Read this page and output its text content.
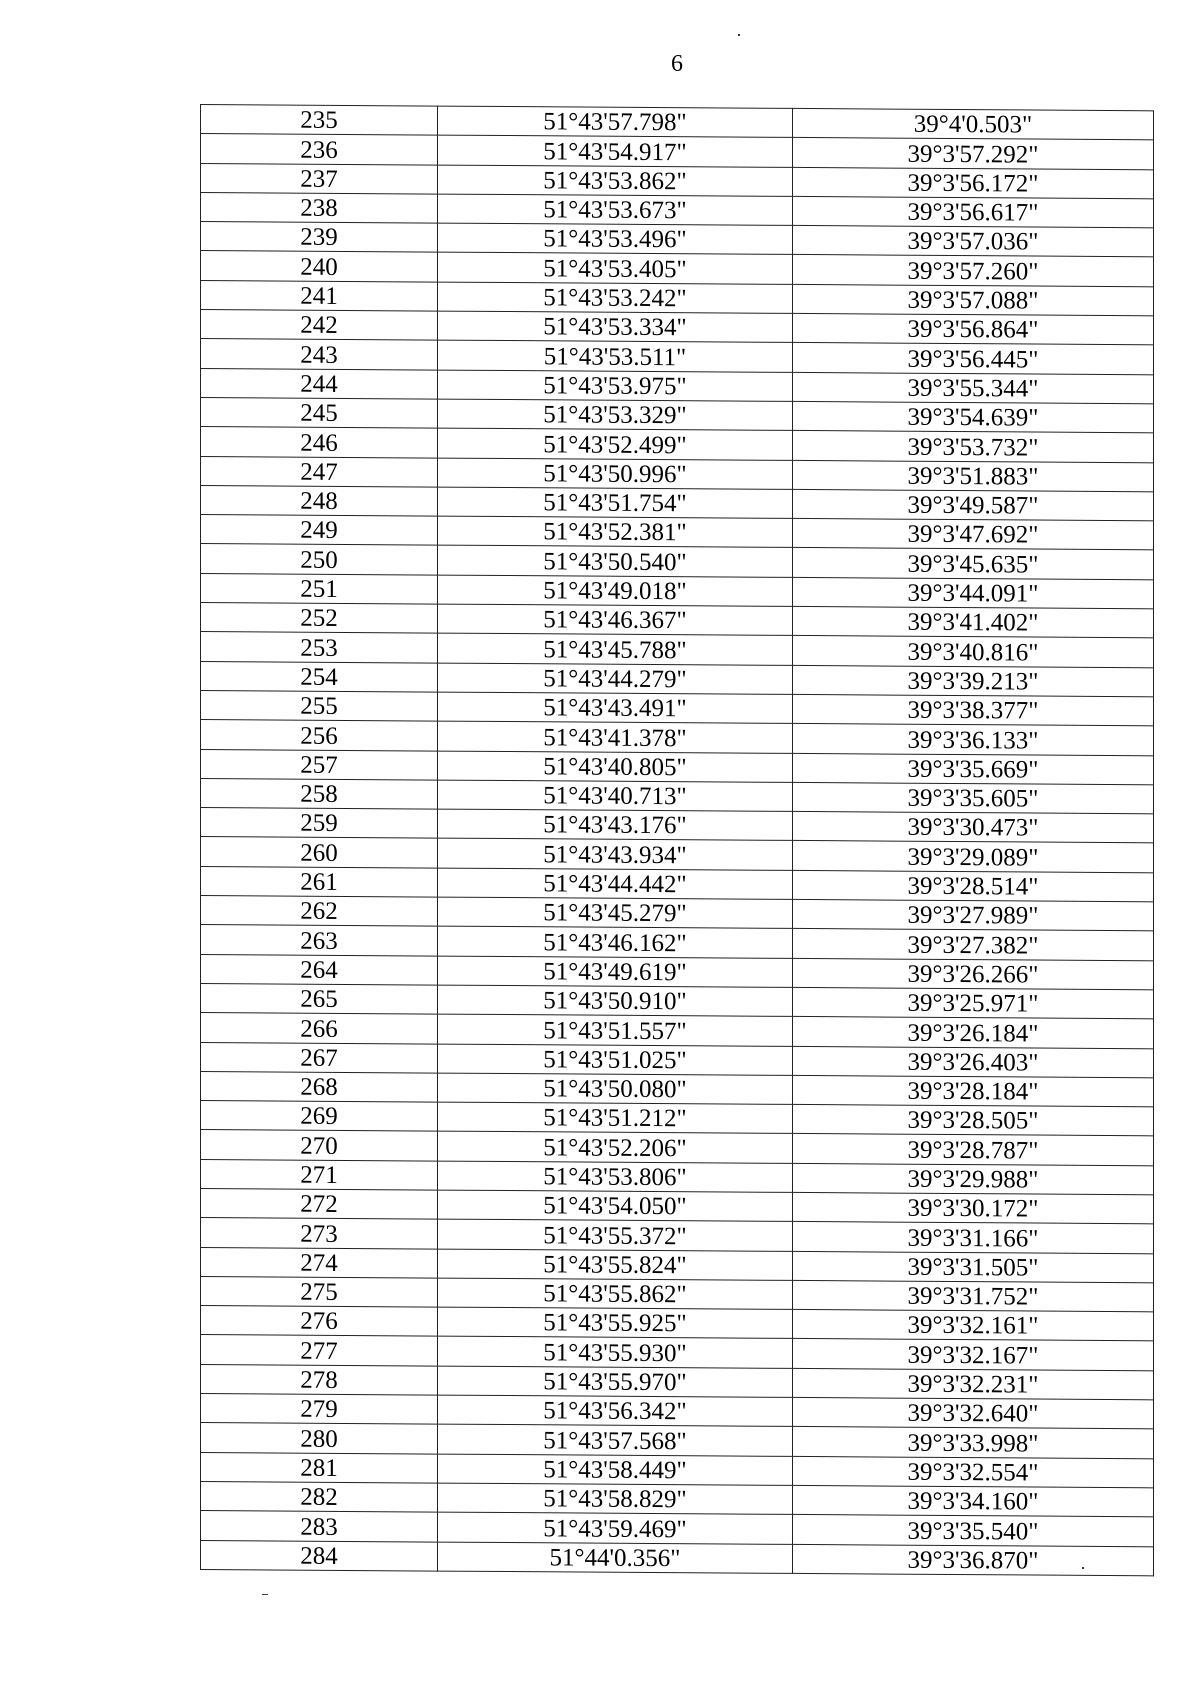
6
235	51°43'57.798"	39°4'0.503"
236	51°43'54.917"	39°3'57.292"
237	51°43'53.862"	39°3'56.172"
238	51°43'53.673"	39°3'56.617"
239	51°43'53.496"	39°3'57.036"
240	51°43'53.405"	39°3'57.260"
241	51°43'53.242"	39°3'57.088"
242	51°43'53.334"	39°3'56.864"
243	51°43'53.511"	39°3'56.445"
244	51°43'53.975"	39°3'55.344"
245	51°43'53.329"	39°3'54.639"
246	51°43'52.499"	39°3'53.732"
247	51°43'50.996"	39°3'51.883"
248	51°43'51.754"	39°3'49.587"
249	51°43'52.381"	39°3'47.692"
250	51°43'50.540"	39°3'45.635"
251	51°43'49.018"	39°3'44.091"
252	51°43'46.367"	39°3'41.402"
253	51°43'45.788"	39°3'40.816"
254	51°43'44.279"	39°3'39.213"
255	51°43'43.491"	39°3'38.377"
256	51°43'41.378"	39°3'36.133"
257	51°43'40.805"	39°3'35.669"
258	51°43'40.713"	39°3'35.605"
259	51°43'43.176"	39°3'30.473"
260	51°43'43.934"	39°3'29.089"
261	51°43'44.442"	39°3'28.514"
262	51°43'45.279"	39°3'27.989"
263	51°43'46.162"	39°3'27.382"
264	51°43'49.619"	39°3'26.266"
265	51°43'50.910"	39°3'25.971"
266	51°43'51.557"	39°3'26.184"
267	51°43'51.025"	39°3'26.403"
268	51°43'50.080"	39°3'28.184"
269	51°43'51.212"	39°3'28.505"
270	51°43'52.206"	39°3'28.787"
271	51°43'53.806"	39°3'29.988"
272	51°43'54.050"	39°3'30.172"
273	51°43'55.372"	39°3'31.166"
274	51°43'55.824"	39°3'31.505"
275	51°43'55.862"	39°3'31.752"
276	51°43'55.925"	39°3'32.161"
277	51°43'55.930"	39°3'32.167"
278	51°43'55.970"	39°3'32.231"
279	51°43'56.342"	39°3'32.640"
280	51°43'57.568"	39°3'33.998"
281	51°43'58.449"	39°3'32.554"
282	51°43'58.829"	39°3'34.160"
283	51°43'59.469"	39°3'35.540"
284	51°44'0.356"	39°3'36.870"
